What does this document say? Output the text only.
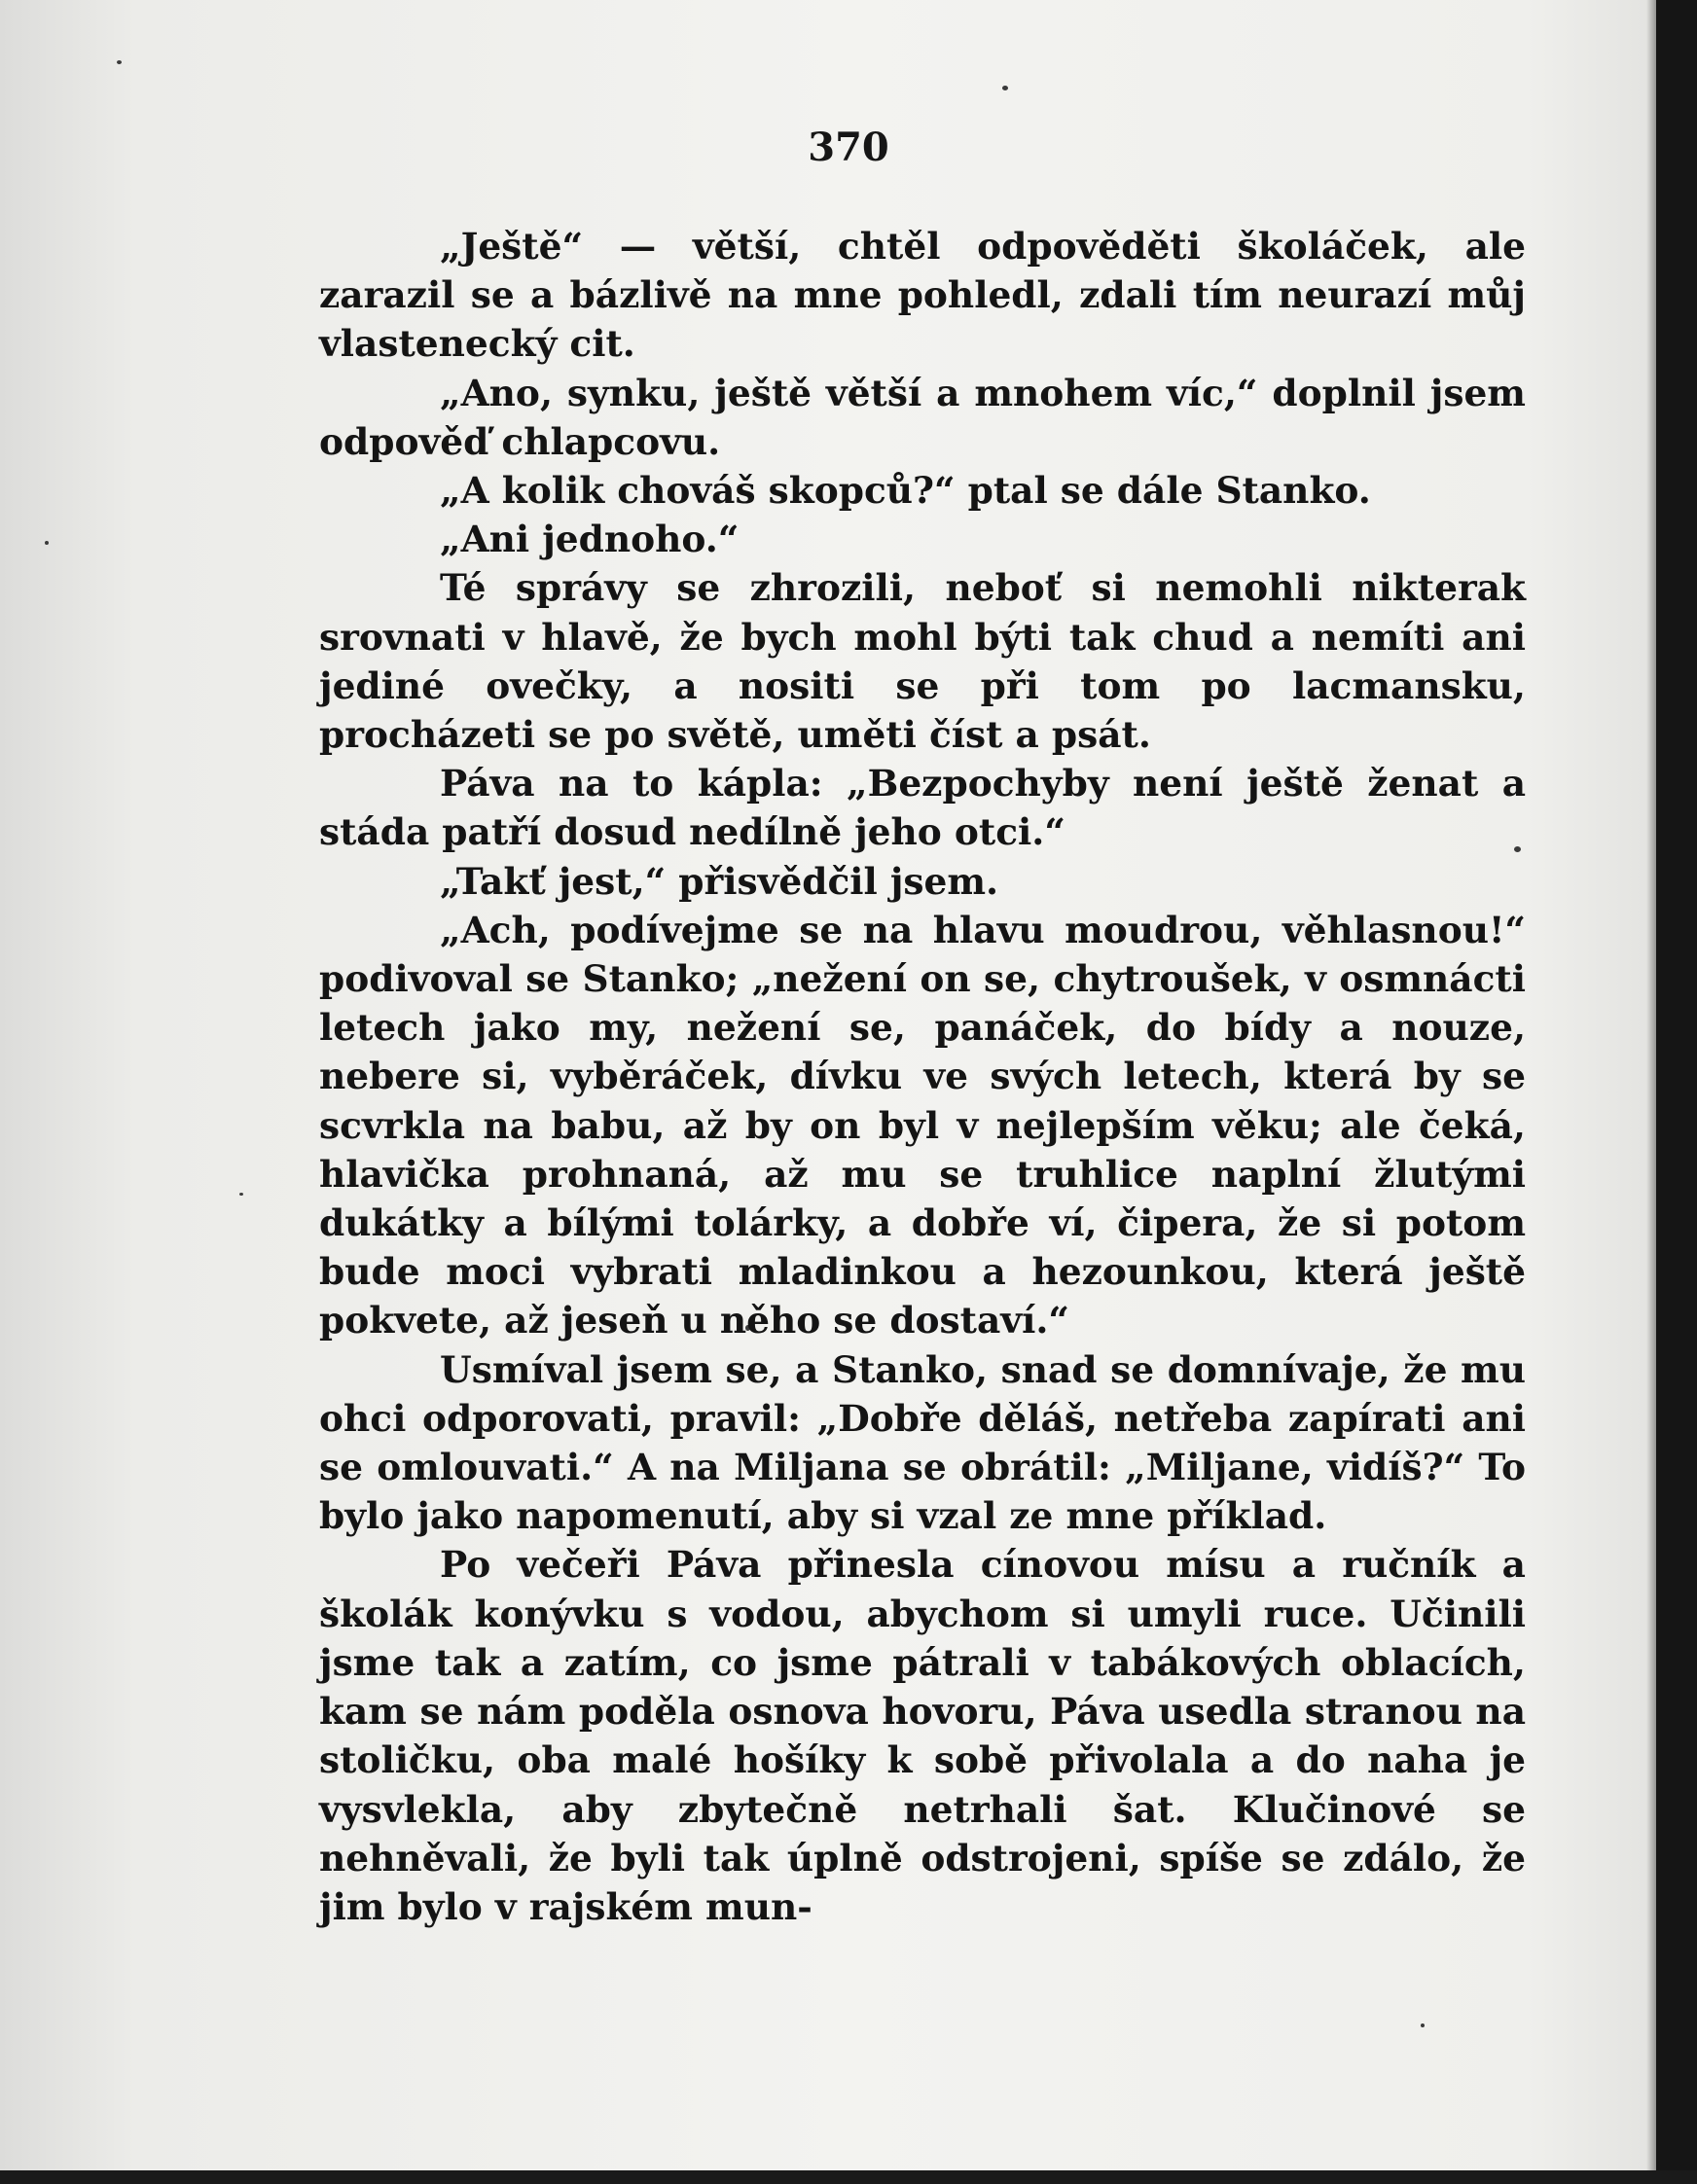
370

„Ještě“ — větší, chtěl odpověděti školáček, ale zarazil se a bázlivě na mne pohledl, zdali tím neurazí můj vlastenecký cit.

„Ano, synku, ještě větší a mnohem víc,“ doplnil jsem odpověď chlapcovu.

„A kolik chováš skopců?“ ptal se dále Stanko.

„Ani jednoho.“

Té správy se zhrozili, neboť si nemohli nikterak srovnati v hlavě, že bych mohl býti tak chud a nemíti ani jediné ovečky, a nositi se při tom po lacmansku, procházeti se po světě, uměti číst a psát.

Páva na to kápla: „Bezpochyby není ještě ženat a stáda patří dosud nedílně jeho otci.“

„Takť jest,“ přisvědčil jsem.

„Ach, podívejme se na hlavu moudrou, věhlasnou!“ podivoval se Stanko; „nežení on se, chytroušek, v osmnácti letech jako my, nežení se, panáček, do bídy a nouze, nebere si, vyběráček, dívku ve svých letech, která by se scvrkla na babu, až by on byl v nejlepším věku; ale čeká, hlavička prohnaná, až mu se truhlice naplní žlutými dukátky a bílými tolárky, a dobře ví, čipera, že si potom bude moci vybrati mladinkou a hezounkou, která ještě pokvete, až jeseň u něho se dostaví.“

Usmíval jsem se, a Stanko, snad se domnívaje, že mu ohci odporovati, pravil: „Dobře děláš, netřeba zapírati ani se omlouvati.“ A na Miljana se obrátil: „Miljane, vidíš?“ To bylo jako napomenutí, aby si vzal ze mne příklad.

Po večeři Páva přinesla cínovou mísu a ručník a školák konývku s vodou, abychom si umyli ruce. Učinili jsme tak a zatím, co jsme pátrali v tabákových oblacích, kam se nám poděla osnova hovoru, Páva usedla stranou na stoličku, oba malé hošíky k sobě přivolala a do naha je vysvlekla, aby zbytečně netrhali šat. Klučinové se nehněvali, že byli tak úplně odstrojeni, spíše se zdálo, že jim bylo v rajském mun-
